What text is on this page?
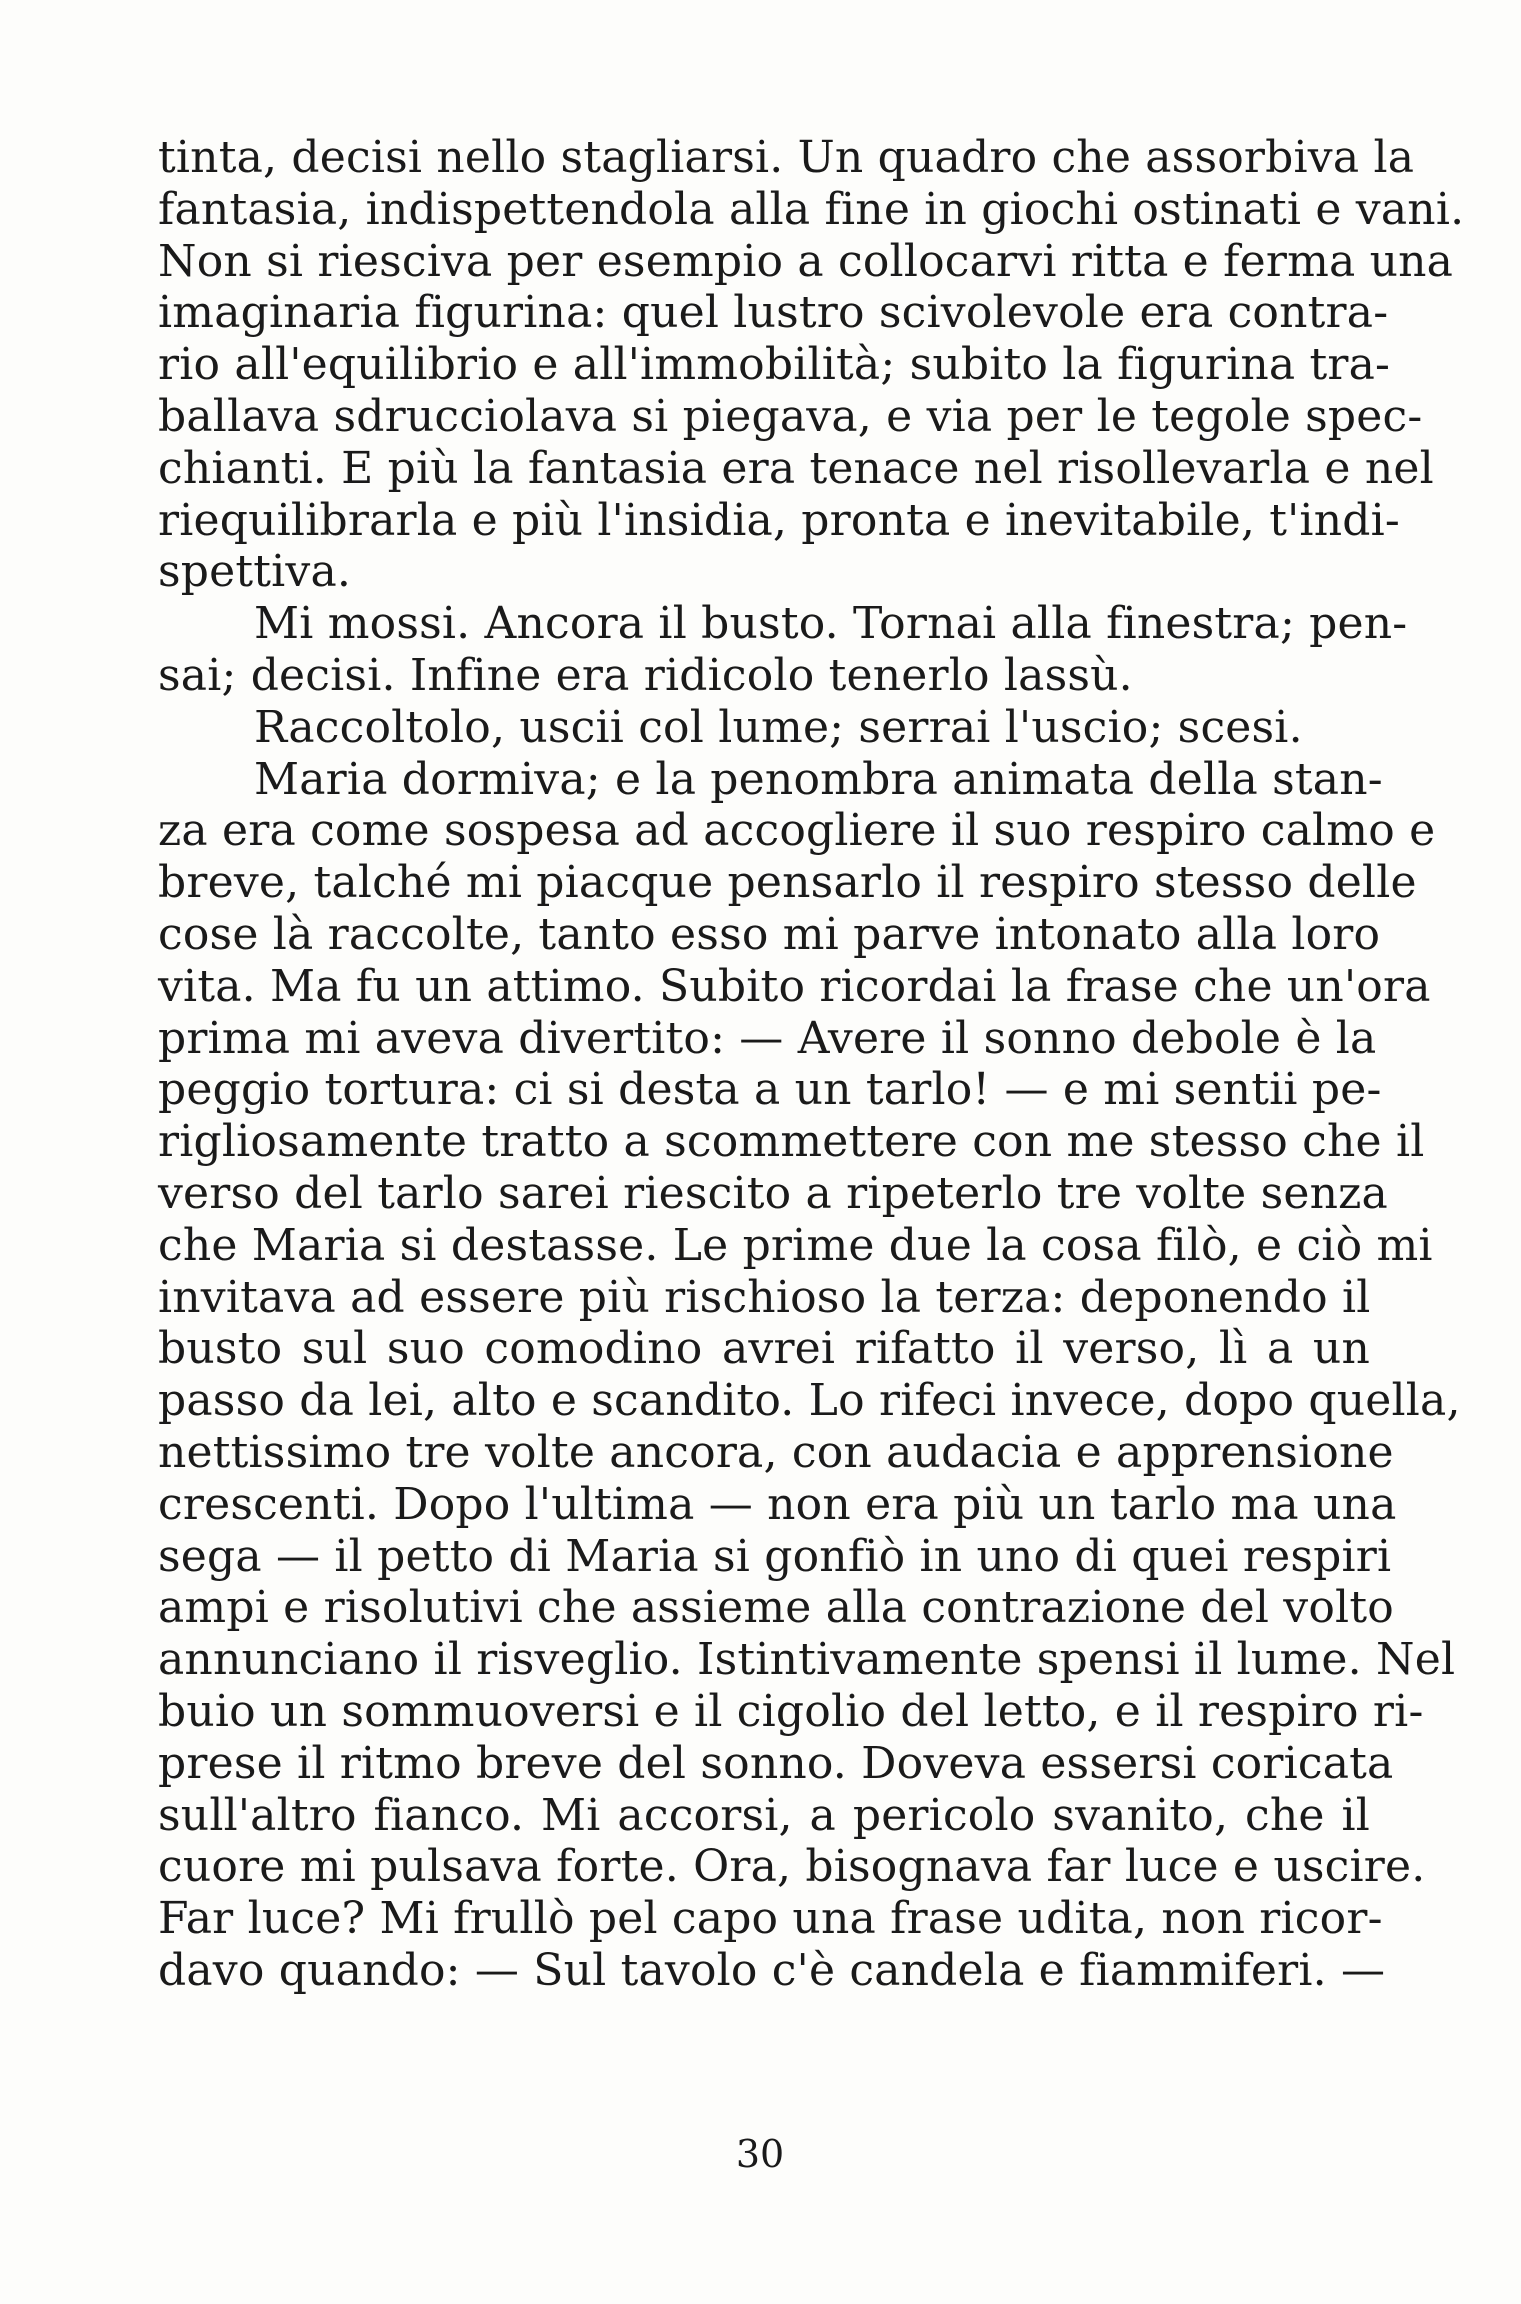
tinta, decisi nello stagliarsi. Un quadro che assorbiva la
fantasia, indispettendola alla fine in giochi ostinati e vani.
Non si riesciva per esempio a collocarvi ritta e ferma una
imaginaria figurina: quel lustro scivolevole era contra-
rio all'equilibrio e all'immobilità; subito la figurina tra-
ballava sdrucciolava si piegava, e via per le tegole spec-
chianti. E più la fantasia era tenace nel risollevarla e nel
riequilibrarla e più l'insidia, pronta e inevitabile, t'indi-
spettiva.
Mi mossi. Ancora il busto. Tornai alla finestra; pen-
sai; decisi. Infine era ridicolo tenerlo lassù.
Raccoltolo, uscii col lume; serrai l'uscio; scesi.
Maria dormiva; e la penombra animata della stan-
za era come sospesa ad accogliere il suo respiro calmo e
breve, talché mi piacque pensarlo il respiro stesso delle
cose là raccolte, tanto esso mi parve intonato alla loro
vita. Ma fu un attimo. Subito ricordai la frase che un'ora
prima mi aveva divertito: — Avere il sonno debole è la
peggio tortura: ci si desta a un tarlo! — e mi sentii pe-
rigliosamente tratto a scommettere con me stesso che il
verso del tarlo sarei riescito a ripeterlo tre volte senza
che Maria si destasse. Le prime due la cosa filò, e ciò mi
invitava ad essere più rischioso la terza: deponendo il
busto sul suo comodino avrei rifatto il verso, lì a un
passo da lei, alto e scandito. Lo rifeci invece, dopo quella,
nettissimo tre volte ancora, con audacia e apprensione
crescenti. Dopo l'ultima — non era più un tarlo ma una
sega — il petto di Maria si gonfiò in uno di quei respiri
ampi e risolutivi che assieme alla contrazione del volto
annunciano il risveglio. Istintivamente spensi il lume. Nel
buio un sommuoversi e il cigolio del letto, e il respiro ri-
prese il ritmo breve del sonno. Doveva essersi coricata
sull'altro fianco. Mi accorsi, a pericolo svanito, che il
cuore mi pulsava forte. Ora, bisognava far luce e uscire.
Far luce? Mi frullò pel capo una frase udita, non ricor-
davo quando: — Sul tavolo c'è candela e fiammiferi. —
30
